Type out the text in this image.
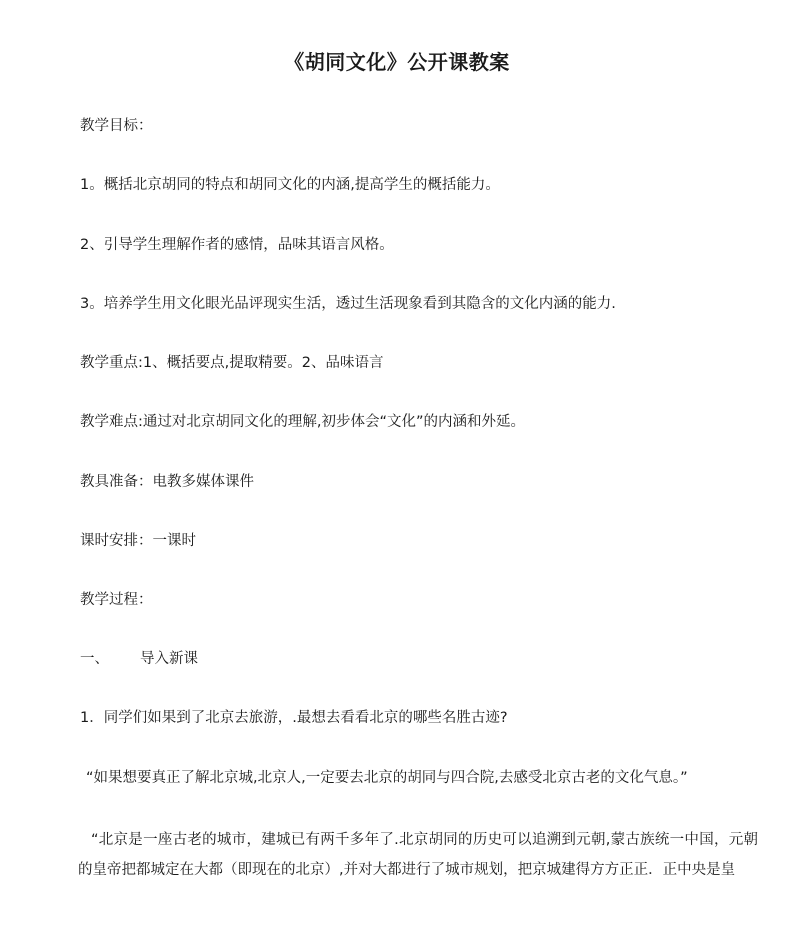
《胡同文化》公开课教案
教学目标：
1。概括北京胡同的特点和胡同文化的内涵,提高学生的概括能力。
2、引导学生理解作者的感情，品味其语言风格。
3。培养学生用文化眼光品评现实生活，透过生活现象看到其隐含的文化内涵的能力.
教学重点:1、概括要点,提取精要。2、品味语言
教学难点:通过对北京胡同文化的理解,初步体会“文化”的内涵和外延。
教具准备：电教多媒体课件
课时安排：一课时
教学过程：
一、 导入新课
1．同学们如果到了北京去旅游，.最想去看看北京的哪些名胜古迹?
“如果想要真正了解北京城,北京人,一定要去北京的胡同与四合院,去感受北京古老的文化气息。”
“北京是一座古老的城市，建城已有两千多年了.北京胡同的历史可以追溯到元朝,蒙古族统一中国，元朝的皇帝把都城定在大都（即现在的北京）,并对大都进行了城市规划，把京城建得方方正正．正中央是皇
